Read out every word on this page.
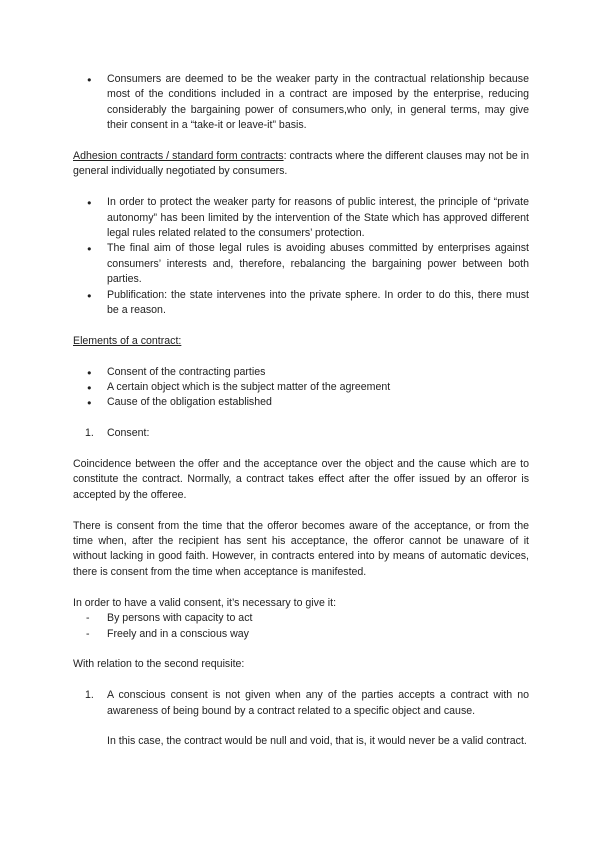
● Consumers are deemed to be the weaker party in the contractual relationship because most of the conditions included in a contract are imposed by the enterprise, reducing considerably the bargaining power of consumers,who only, in general terms, may give their consent in a “take-it or leave-it” basis.

Adhesion contracts / standard form contracts: contracts where the different clauses may not be in general individually negotiated by consumers.

● In order to protect the weaker party for reasons of public interest, the principle of “private autonomy” has been limited by the intervention of the State which has approved different legal rules related related to the consumers’ protection.
● The final aim of those legal rules is avoiding abuses committed by enterprises against consumers’ interests and, therefore, rebalancing the bargaining power between both parties.
● Publification: the state intervenes into the private sphere. In order to do this, there must be a reason.

Elements of a contract:

● Consent of the contracting parties
● A certain object which is the subject matter of the agreement
● Cause of the obligation established
1. Consent:

Coincidence between the offer and the acceptance over the object and the cause which are to constitute the contract. Normally, a contract takes effect after the offer issued by an offeror is accepted by the offeree.

There is consent from the time that the offeror becomes aware of the acceptance, or from the time when, after the recipient has sent his acceptance, the offeror cannot be unaware of it without lacking in good faith. However, in contracts entered into by means of automatic devices, there is consent from the time when acceptance is manifested.

In order to have a valid consent, it’s necessary to give it:

- By persons with capacity to act
- Freely and in a conscious way

With relation to the second requisite:

1. A conscious consent is not given when any of the parties accepts a contract with no awareness of being bound by a contract related to a specific object and cause.
In this case, the contract would be null and void, that is, it would never be a valid contract.
